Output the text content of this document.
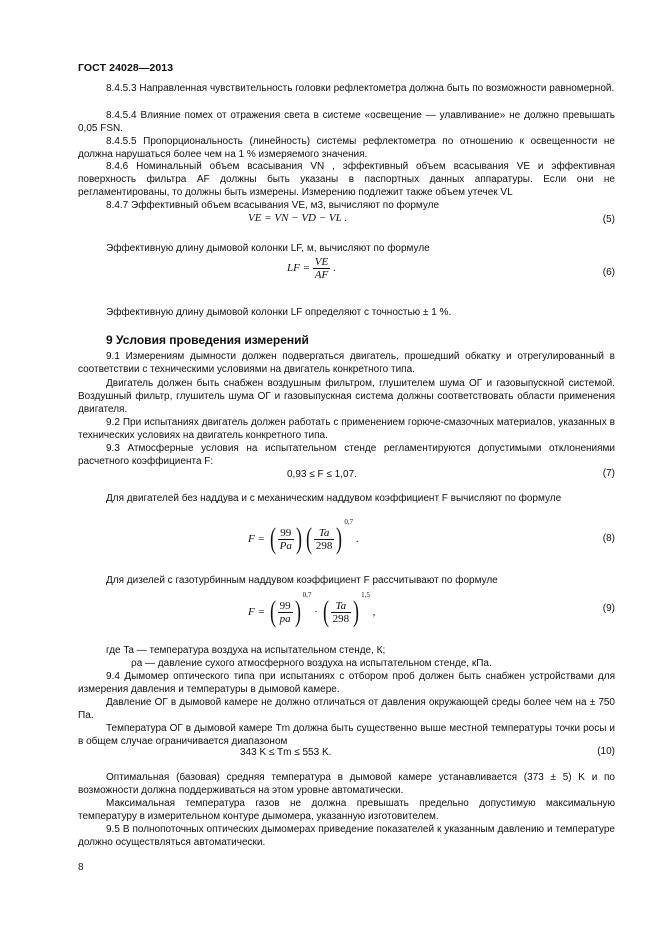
ГОСТ 24028—2013
8.4.5.3 Направленная чувствительность головки рефлектометра должна быть по возможности равномерной.
8.4.5.4 Влияние помех от отражения света в системе «освещение — улавливание» не должно превышать 0,05 FSN.
8.4.5.5 Пропорциональность (линейность) системы рефлектометра по отношению к освещенности не должна нарушаться более чем на 1 % измеряемого значения.
8.4.6 Номинальный объем всасывания VN , эффективный объем всасывания VE и эффективная поверхность фильтра AF должны быть указаны в паспортных данных аппаратуры. Если они не регламентированы, то должны быть измерены. Измерению подлежит также объем утечек VL
8.4.7 Эффективный объем всасывания VE, м3, вычисляют по формуле
VE = VN − VD − VL .	(5)
Эффективную длину дымовой колонки LF, м, вычисляют по формуле
LF = $\frac{VE}{AF}$ .	(6)
Эффективную длину дымовой колонки LF определяют с точностью ± 1 %.
9 Условия проведения измерений
9.1 Измерениям дымности должен подвергаться двигатель, прошедший обкатку и отрегулированный в соответствии с техническими условиями на двигатель конкретного типа.
Двигатель должен быть снабжен воздушным фильтром, глушителем шума ОГ и газовыпускной системой. Воздушный фильтр, глушитель шума ОГ и газовыпускная система должны соответствовать области применения двигателя.
9.2 При испытаниях двигатель должен работать с применением горюче-смазочных материалов, указанных в технических условиях на двигатель конкретного типа.
9.3 Атмосферные условия на испытательном стенде регламентируются допустимыми отклонениями расчетного коэффициента F:
0,93 ≤ F ≤ 1,07.	(7)
Для двигателей без наддува и с механическим наддувом коэффициент F вычисляют по формуле
F = ( $\frac{99}{Pa}$ ) ( $\frac{Ta}{298} )^{0,7}$ .	(8)
Для дизелей с газотурбинным наддувом коэффициент F рассчитывают по формуле
F = ( $\frac{99}{pa} )^{0,7}$ · ( $\frac{Ta}{298} )^{1,5}$ ,	(9)
где Ta — температура воздуха на испытательном стенде, К;
ρa — давление сухого атмосферного воздуха на испытательном стенде, кПа.
9.4 Дымомер оптического типа при испытаниях с отбором проб должен быть снабжен устройствами для измерения давления и температуры в дымовой камере.
Давление ОГ в дымовой камере не должно отличаться от давления окружающей среды более чем на ± 750 Па.
Температура ОГ в дымовой камере Tm должна быть существенно выше местной температуры точки росы и в общем случае ограничивается диапазоном
343 K ≤ Tm ≤ 553 K.	(10)
Оптимальная (базовая) средняя температура в дымовой камере устанавливается (373 ± 5) K и по возможности должна поддерживаться на этом уровне автоматически.
Максимальная температура газов не должна превышать предельно допустимую максимальную температуру в измерительном контуре дымомера, указанную изготовителем.
9.5 В полнопоточных оптических дымомерах приведение показателей к указанным давлению и температуре должно осуществляться автоматически.
8
